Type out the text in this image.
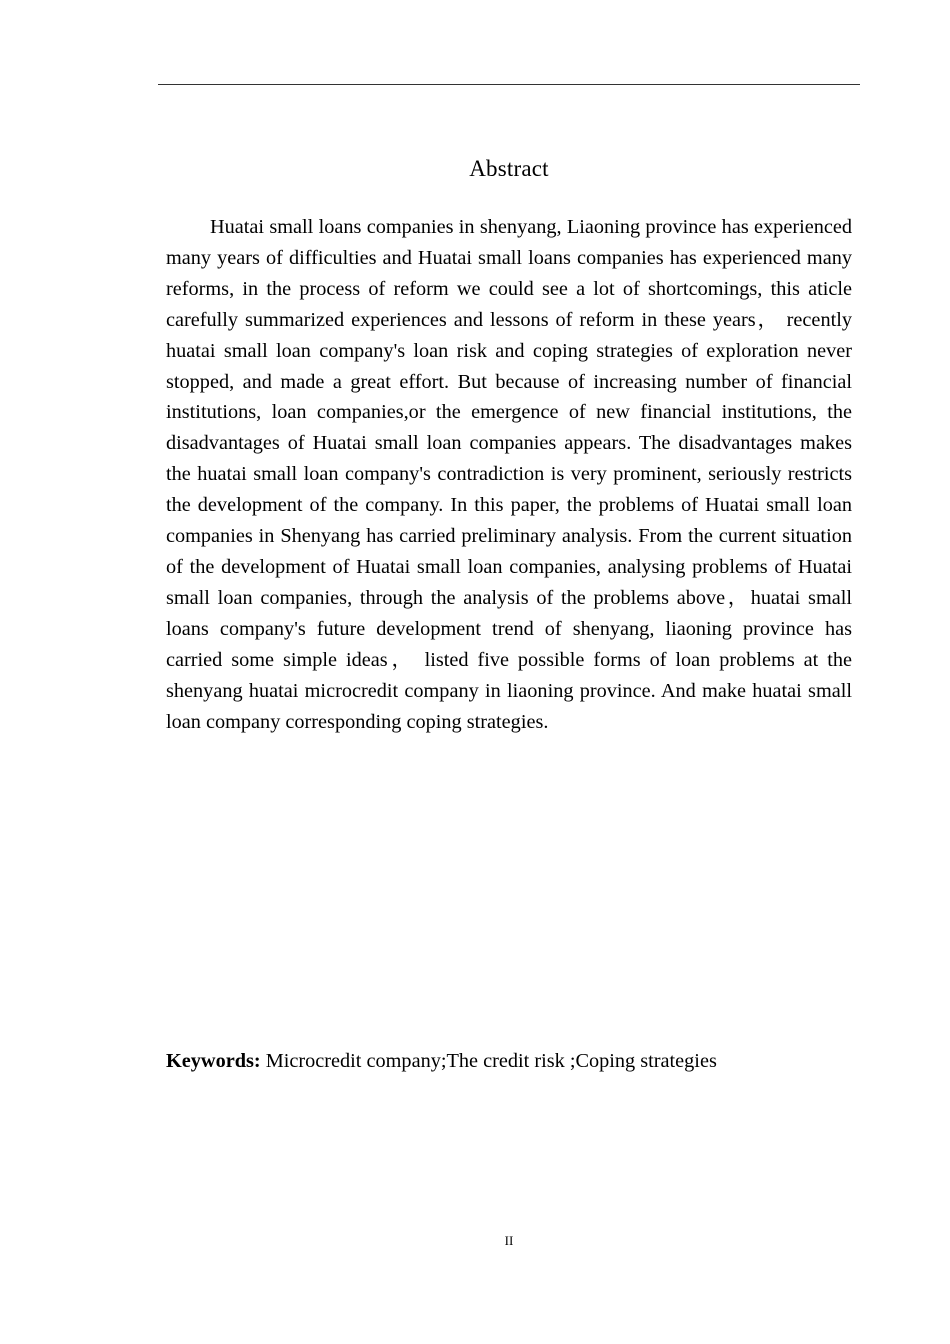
Abstract

Huatai small loans companies in shenyang, Liaoning province has experienced many years of difficulties and Huatai small loans companies has experienced many reforms, in the process of reform we could see a lot of shortcomings, this aticle carefully summarized experiences and lessons of reform in these years， recently huatai small loan company's loan risk and coping strategies of exploration never stopped, and made a great effort. But because of increasing number of financial institutions, loan companies,or the emergence of new financial institutions, the disadvantages of Huatai small loan companies appears. The disadvantages makes the huatai small loan company's contradiction is very prominent, seriously restricts the development of the company. In this paper, the problems of Huatai small loan companies in Shenyang has carried preliminary analysis. From the current situation of the development of Huatai small loan companies, analysing problems of Huatai small loan companies, through the analysis of the problems above，huatai small loans company's future development trend of shenyang, liaoning province has carried some simple ideas， listed five possible forms of loan problems at the shenyang huatai microcredit company in liaoning province. And make huatai small loan company corresponding coping strategies.

Keywords: Microcredit company;The credit risk ;Coping strategies
II
